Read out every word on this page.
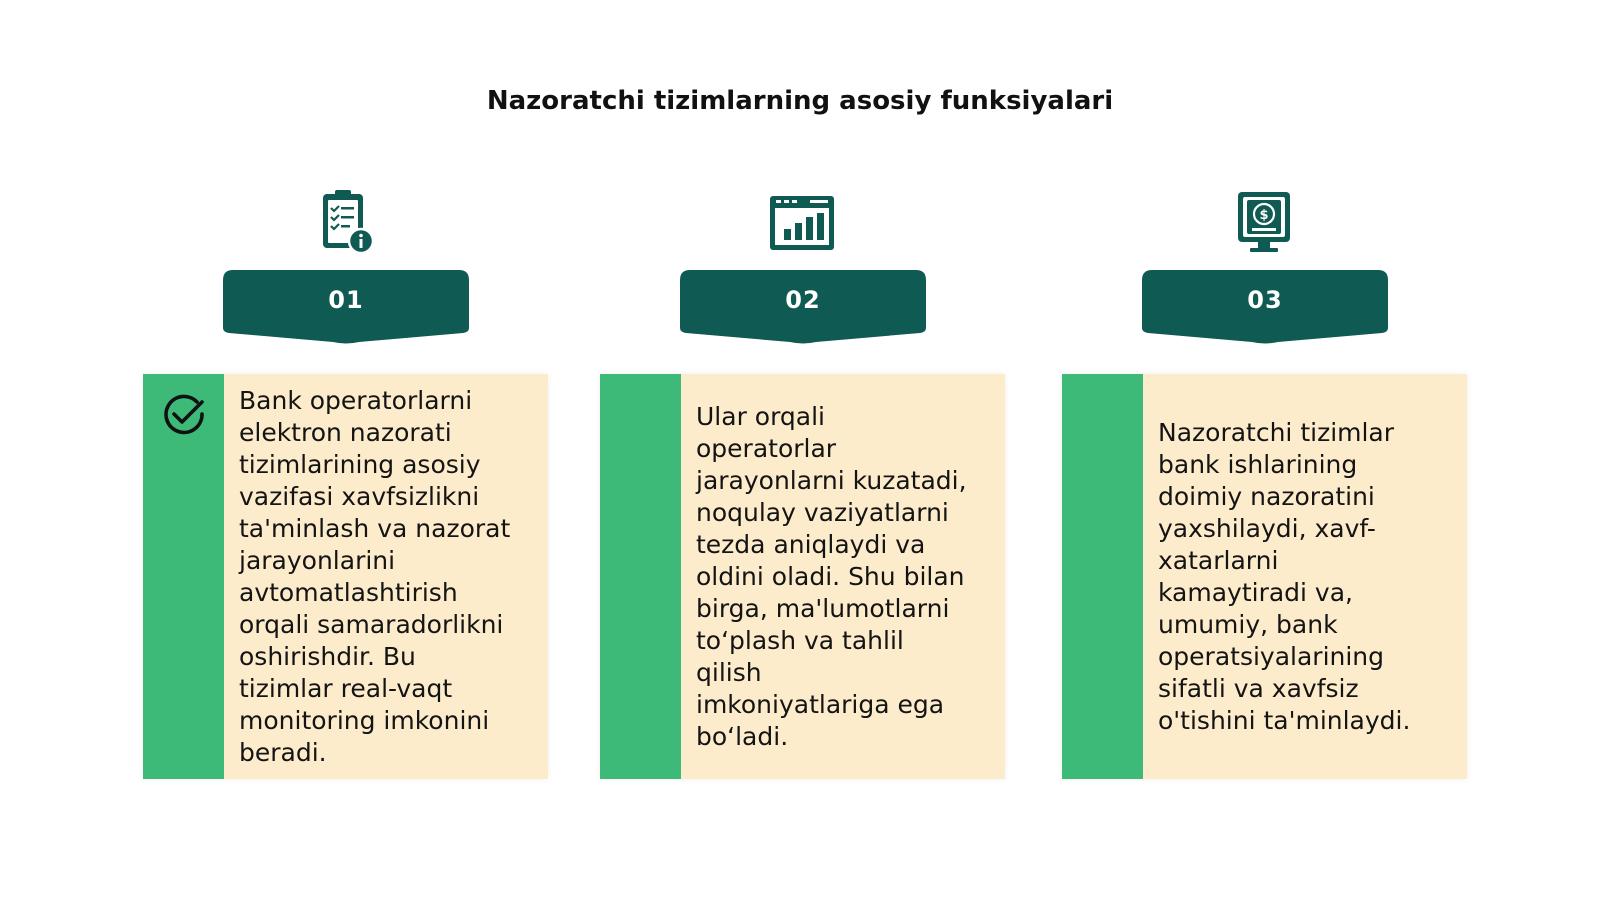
Nazoratchi tizimlarning asosiy funksiyalari
01
Bank operatorlarni
elektron nazorati
tizimlarining asosiy
vazifasi xavfsizlikni
ta'minlash va nazorat
jarayonlarini
avtomatlashtirish
orqali samaradorlikni
oshirishdir. Bu
tizimlar real-vaqt
monitoring imkonini
beradi.
02
Ular orqali
operatorlar
jarayonlarni kuzatadi,
noqulay vaziyatlarni
tezda aniqlaydi va
oldini oladi. Shu bilan
birga, ma'lumotlarni
to‘plash va tahlil
qilish
imkoniyatlariga ega
bo‘ladi.
$
03
Nazoratchi tizimlar
bank ishlarining
doimiy nazoratini
yaxshilaydi, xavf-
xatarlarni
kamaytiradi va,
umumiy, bank
operatsiyalarining
sifatli va xavfsiz
o'tishini ta'minlaydi.
